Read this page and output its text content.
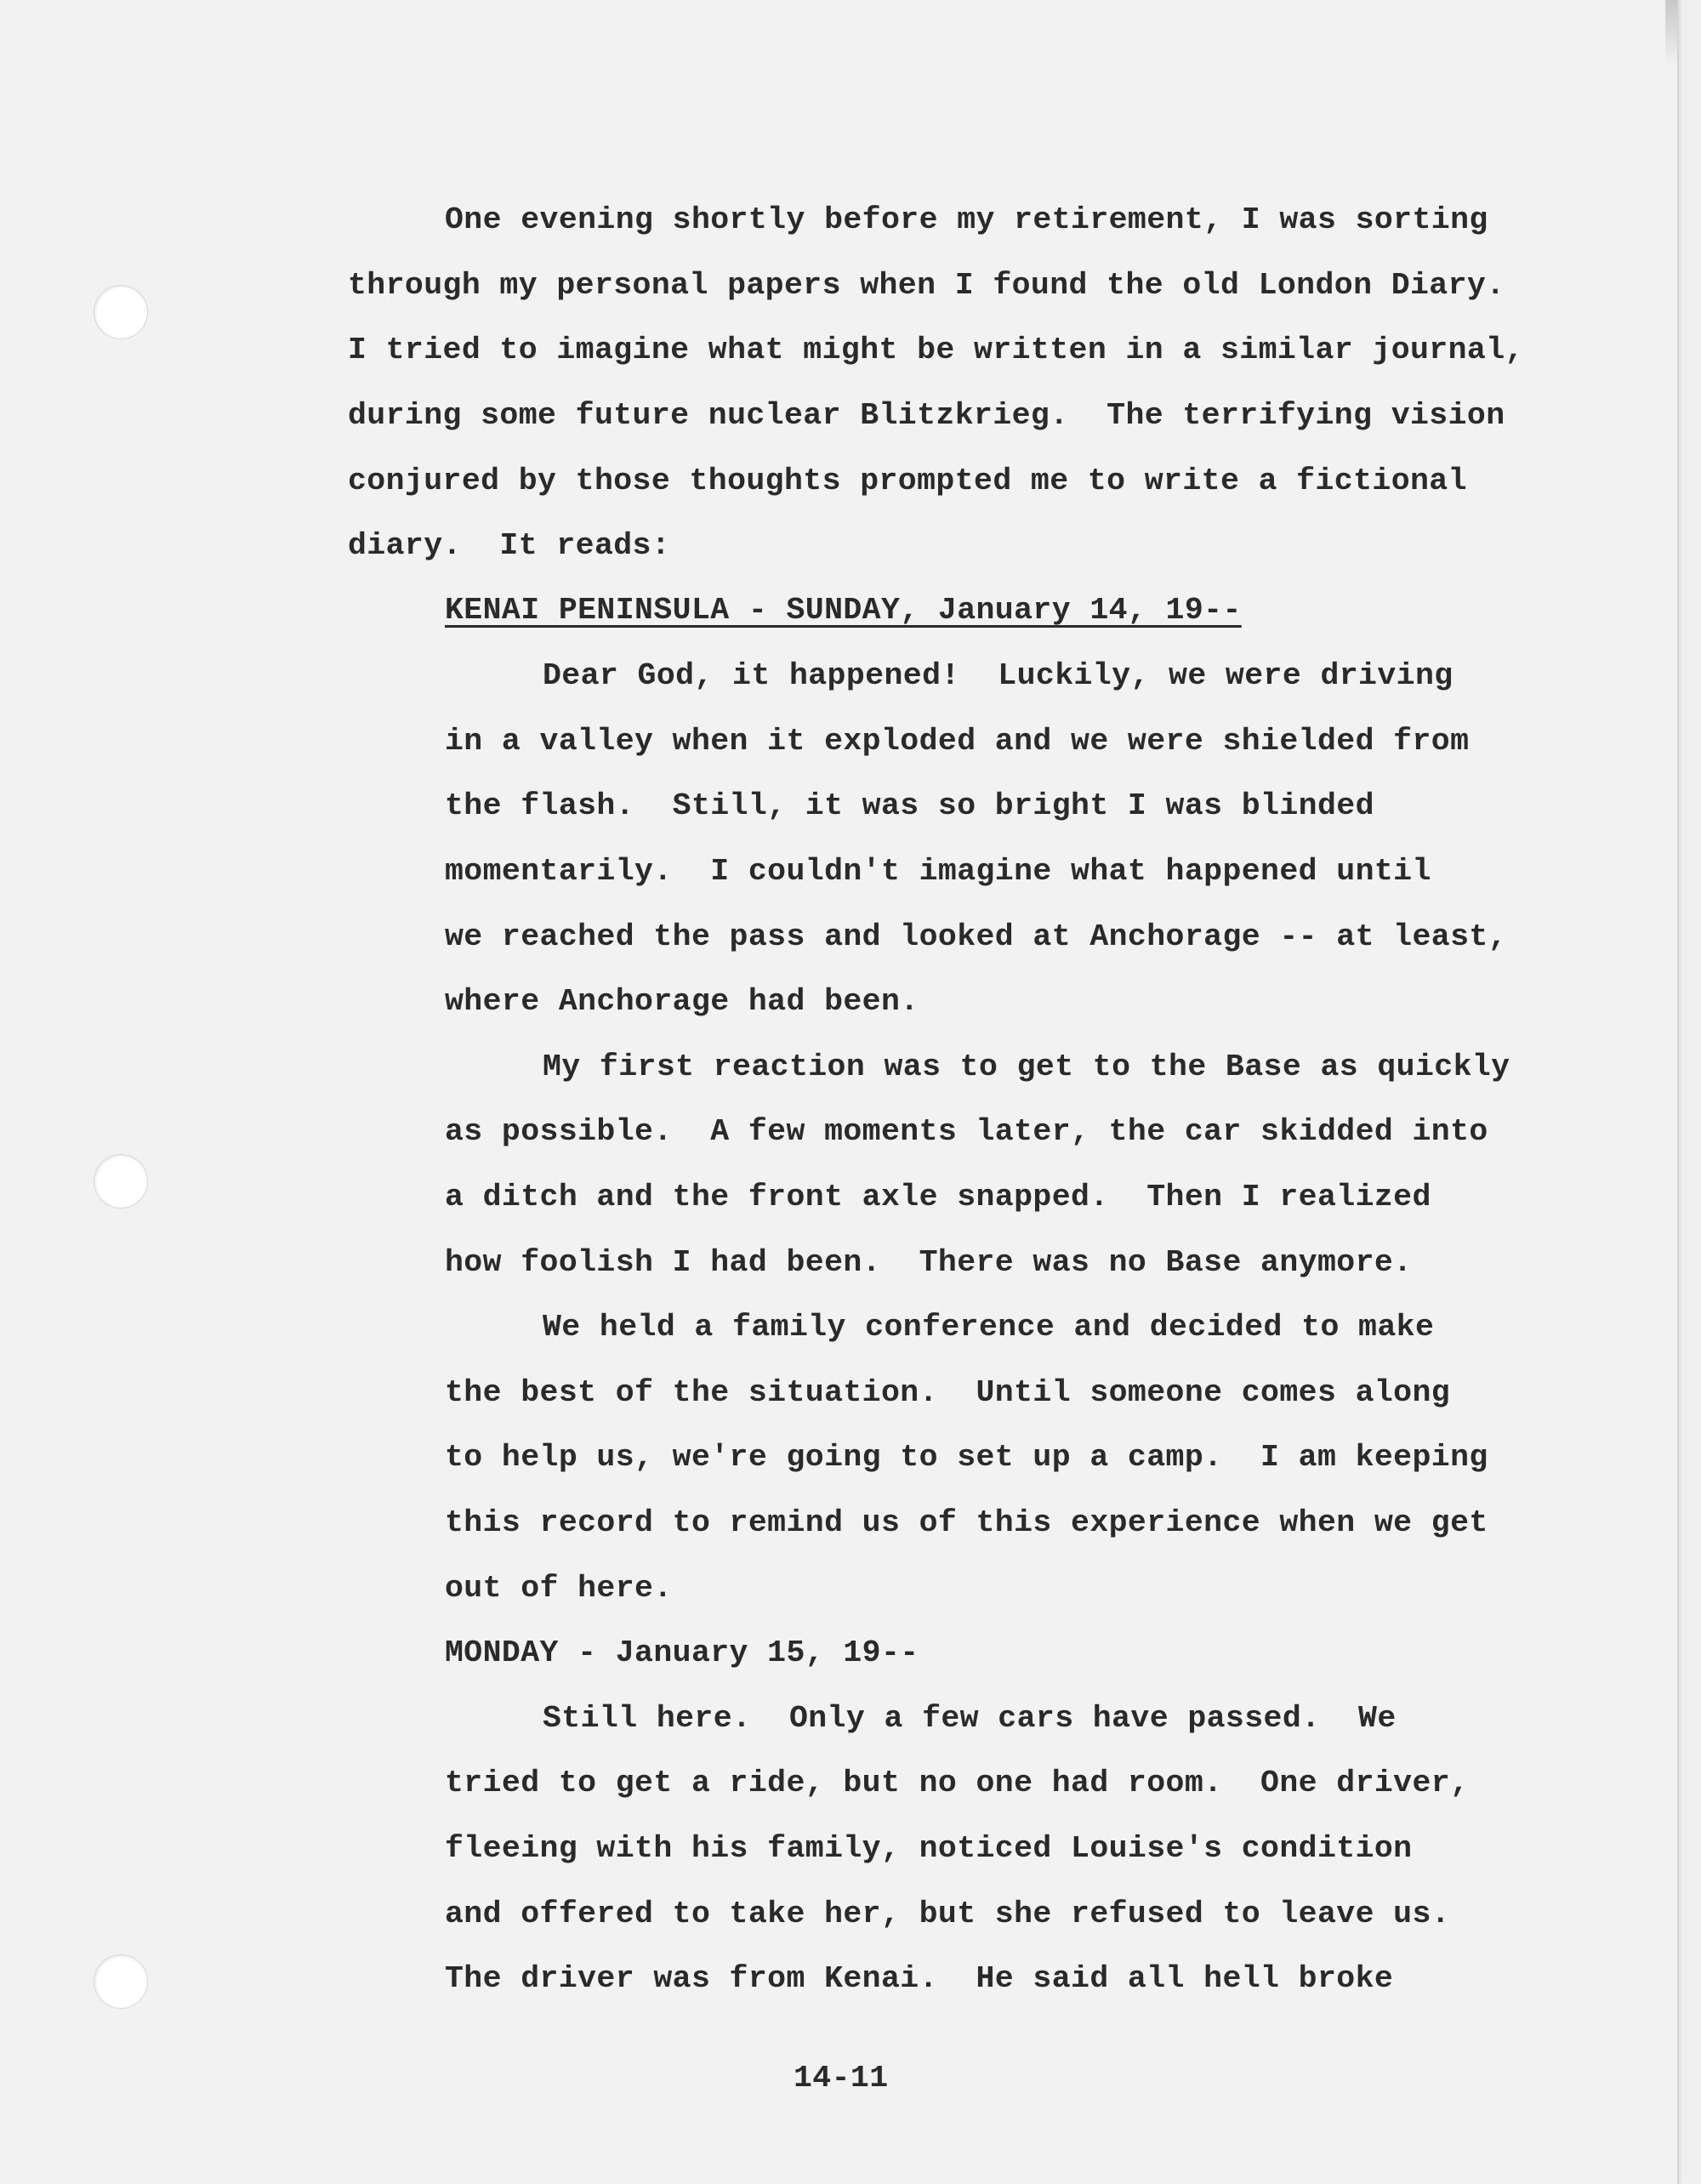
One evening shortly before my retirement, I was sorting

through my personal papers when I found the old London Diary.

I tried to imagine what might be written in a similar journal,

during some future nuclear Blitzkrieg.  The terrifying vision

conjured by those thoughts prompted me to write a fictional

diary.  It reads:

KENAI PENINSULA - SUNDAY, January 14, 19--

Dear God, it happened!  Luckily, we were driving

in a valley when it exploded and we were shielded from

the flash.  Still, it was so bright I was blinded

momentarily.  I couldn't imagine what happened until

we reached the pass and looked at Anchorage -- at least,

where Anchorage had been.

My first reaction was to get to the Base as quickly

as possible.  A few moments later, the car skidded into

a ditch and the front axle snapped.  Then I realized

how foolish I had been.  There was no Base anymore.

We held a family conference and decided to make

the best of the situation.  Until someone comes along

to help us, we're going to set up a camp.  I am keeping

this record to remind us of this experience when we get

out of here.

MONDAY - January 15, 19--

Still here.  Only a few cars have passed.  We

tried to get a ride, but no one had room.  One driver,

fleeing with his family, noticed Louise's condition

and offered to take her, but she refused to leave us.

The driver was from Kenai.  He said all hell broke

14-11
